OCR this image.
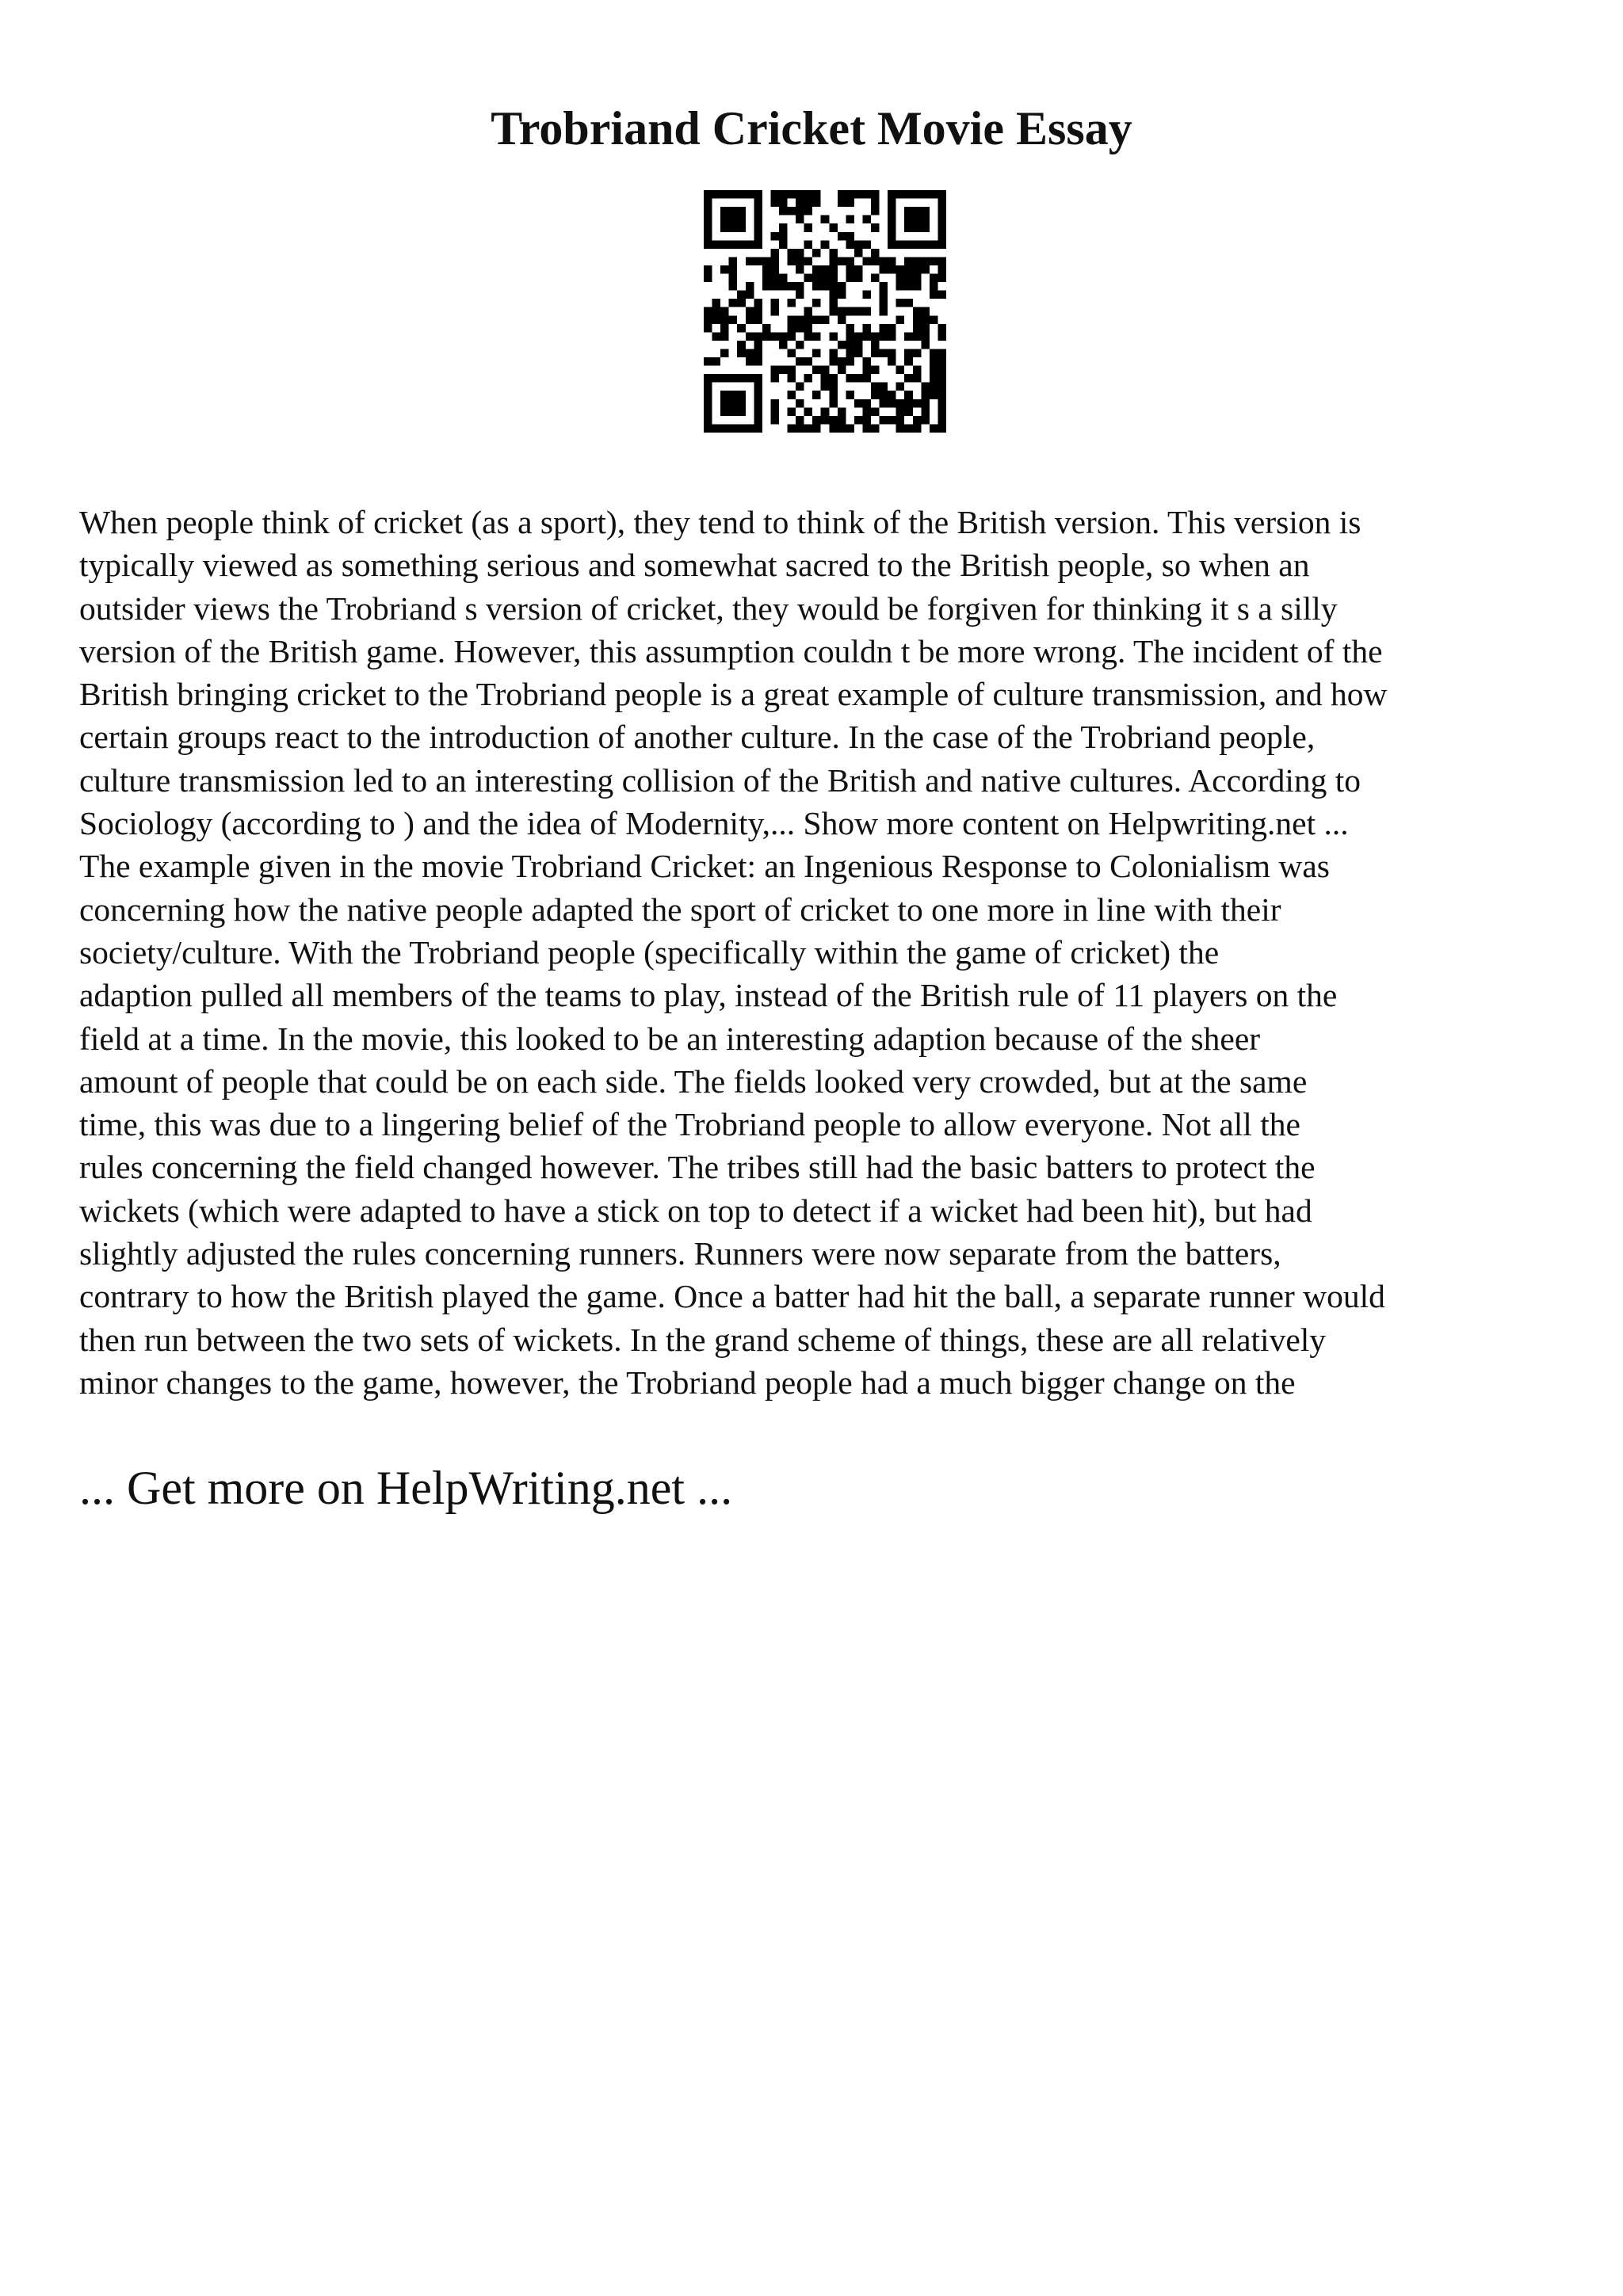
Trobriand Cricket Movie Essay
When people think of cricket (as a sport), they tend to think of the British version. This version is
typically viewed as something serious and somewhat sacred to the British people, so when an
outsider views the Trobriand s version of cricket, they would be forgiven for thinking it s a silly
version of the British game. However, this assumption couldn t be more wrong. The incident of the
British bringing cricket to the Trobriand people is a great example of culture transmission, and how
certain groups react to the introduction of another culture. In the case of the Trobriand people,
culture transmission led to an interesting collision of the British and native cultures. According to
Sociology (according to ) and the idea of Modernity,... Show more content on Helpwriting.net ...
The example given in the movie Trobriand Cricket: an Ingenious Response to Colonialism was
concerning how the native people adapted the sport of cricket to one more in line with their
society/culture. With the Trobriand people (specifically within the game of cricket) the
adaption pulled all members of the teams to play, instead of the British rule of 11 players on the
field at a time. In the movie, this looked to be an interesting adaption because of the sheer
amount of people that could be on each side. The fields looked very crowded, but at the same
time, this was due to a lingering belief of the Trobriand people to allow everyone. Not all the
rules concerning the field changed however. The tribes still had the basic batters to protect the
wickets (which were adapted to have a stick on top to detect if a wicket had been hit), but had
slightly adjusted the rules concerning runners. Runners were now separate from the batters,
contrary to how the British played the game. Once a batter had hit the ball, a separate runner would
then run between the two sets of wickets. In the grand scheme of things, these are all relatively
minor changes to the game, however, the Trobriand people had a much bigger change on the
... Get more on HelpWriting.net ...
